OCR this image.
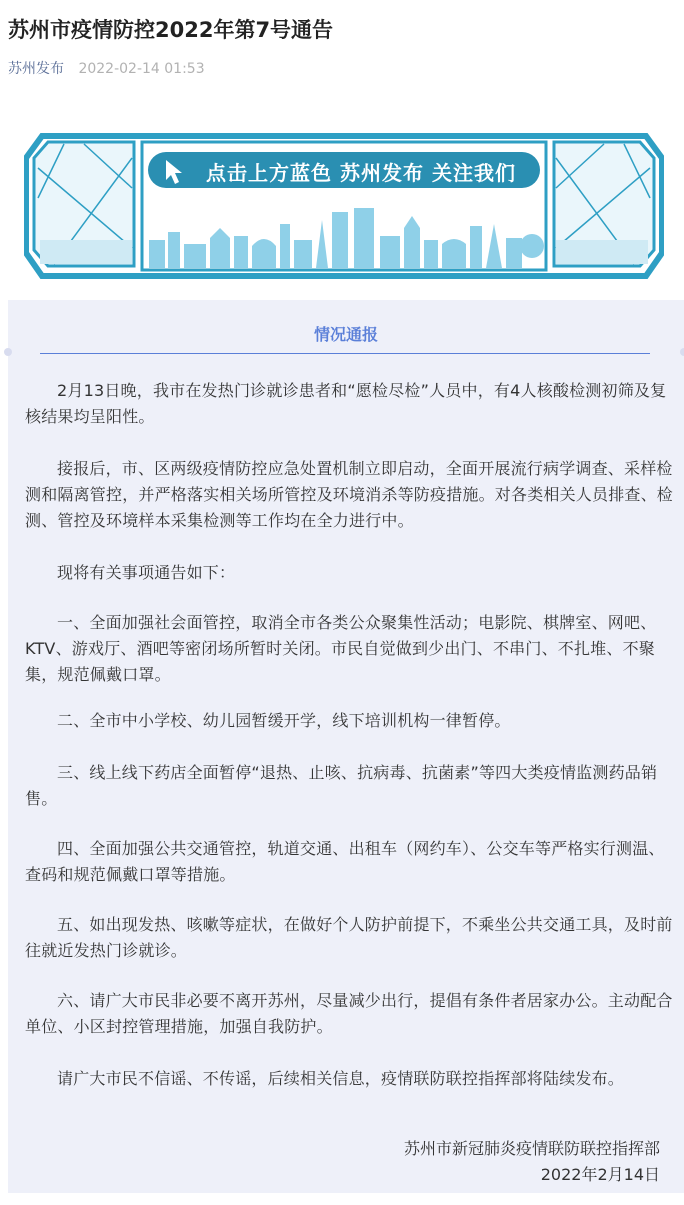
苏州市疫情防控2022年第7号通告
苏州发布 2022-02-14 01:53
点击上方蓝色 苏州发布 关注我们
情况通报

2月13日晚，我市在发热门诊就诊患者和“愿检尽检”人员中，有4人核酸检测初筛及复核结果均呈阳性。

接报后，市、区两级疫情防控应急处置机制立即启动，全面开展流行病学调查、采样检测和隔离管控，并严格落实相关场所管控及环境消杀等防疫措施。对各类相关人员排查、检测、管控及环境样本采集检测等工作均在全力进行中。

现将有关事项通告如下：

一、全面加强社会面管控，取消全市各类公众聚集性活动；电影院、棋牌室、网吧、KTV、游戏厅、酒吧等密闭场所暂时关闭。市民自觉做到少出门、不串门、不扎堆、不聚集，规范佩戴口罩。

二、全市中小学校、幼儿园暂缓开学，线下培训机构一律暂停。

三、线上线下药店全面暂停“退热、止咳、抗病毒、抗菌素”等四大类疫情监测药品销售。

四、全面加强公共交通管控，轨道交通、出租车（网约车）、公交车等严格实行测温、查码和规范佩戴口罩等措施。

五、如出现发热、咳嗽等症状，在做好个人防护前提下，不乘坐公共交通工具，及时前往就近发热门诊就诊。

六、请广大市民非必要不离开苏州，尽量减少出行，提倡有条件者居家办公。主动配合单位、小区封控管理措施，加强自我防护。

请广大市民不信谣、不传谣，后续相关信息，疫情联防联控指挥部将陆续发布。

苏州市新冠肺炎疫情联防联控指挥部
2022年2月14日
